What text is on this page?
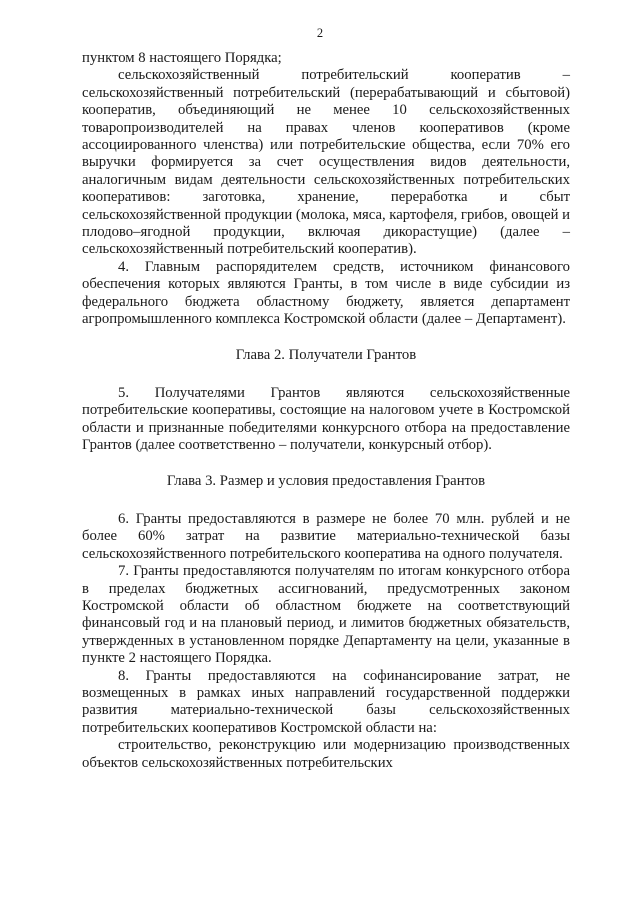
2

пунктом 8 настоящего Порядка;

сельскохозяйственный потребительский кооператив – сельскохозяйственный потребительский (перерабатывающий и сбытовой) кооператив, объединяющий не менее 10 сельскохозяйственных товаропроизводителей на правах членов кооперативов (кроме ассоциированного членства) или потребительские общества, если 70% его выручки формируется за счет осуществления видов деятельности, аналогичным видам деятельности сельскохозяйственных потребительских кооперативов: заготовка, хранение, переработка и сбыт сельскохозяйственной продукции (молока, мяса, картофеля, грибов, овощей и плодово–ягодной продукции, включая дикорастущие) (далее – сельскохозяйственный потребительский кооператив).

4. Главным распорядителем средств, источником финансового обеспечения которых являются Гранты, в том числе в виде субсидии из федерального бюджета областному бюджету, является департамент агропромышленного комплекса Костромской области (далее – Департамент).

Глава 2. Получатели Грантов

5. Получателями Грантов являются сельскохозяйственные потребительские кооперативы, состоящие на налоговом учете в Костромской области и признанные победителями конкурсного отбора на предоставление Грантов (далее соответственно – получатели, конкурсный отбор).

Глава 3. Размер и условия предоставления Грантов

6. Гранты предоставляются в размере не более 70 млн. рублей и не более 60% затрат на развитие материально-технической базы сельскохозяйственного потребительского кооператива на одного получателя.

7. Гранты предоставляются получателям по итогам конкурсного отбора в пределах бюджетных ассигнований, предусмотренных законом Костромской области об областном бюджете на соответствующий финансовый год и на плановый период, и лимитов бюджетных обязательств, утвержденных в установленном порядке Департаменту на цели, указанные в пункте 2 настоящего Порядка.

8. Гранты предоставляются на софинансирование затрат, не возмещенных в рамках иных направлений государственной поддержки развития материально-технической базы сельскохозяйственных потребительских кооперативов Костромской области на:

строительство, реконструкцию или модернизацию производственных объектов сельскохозяйственных потребительских
